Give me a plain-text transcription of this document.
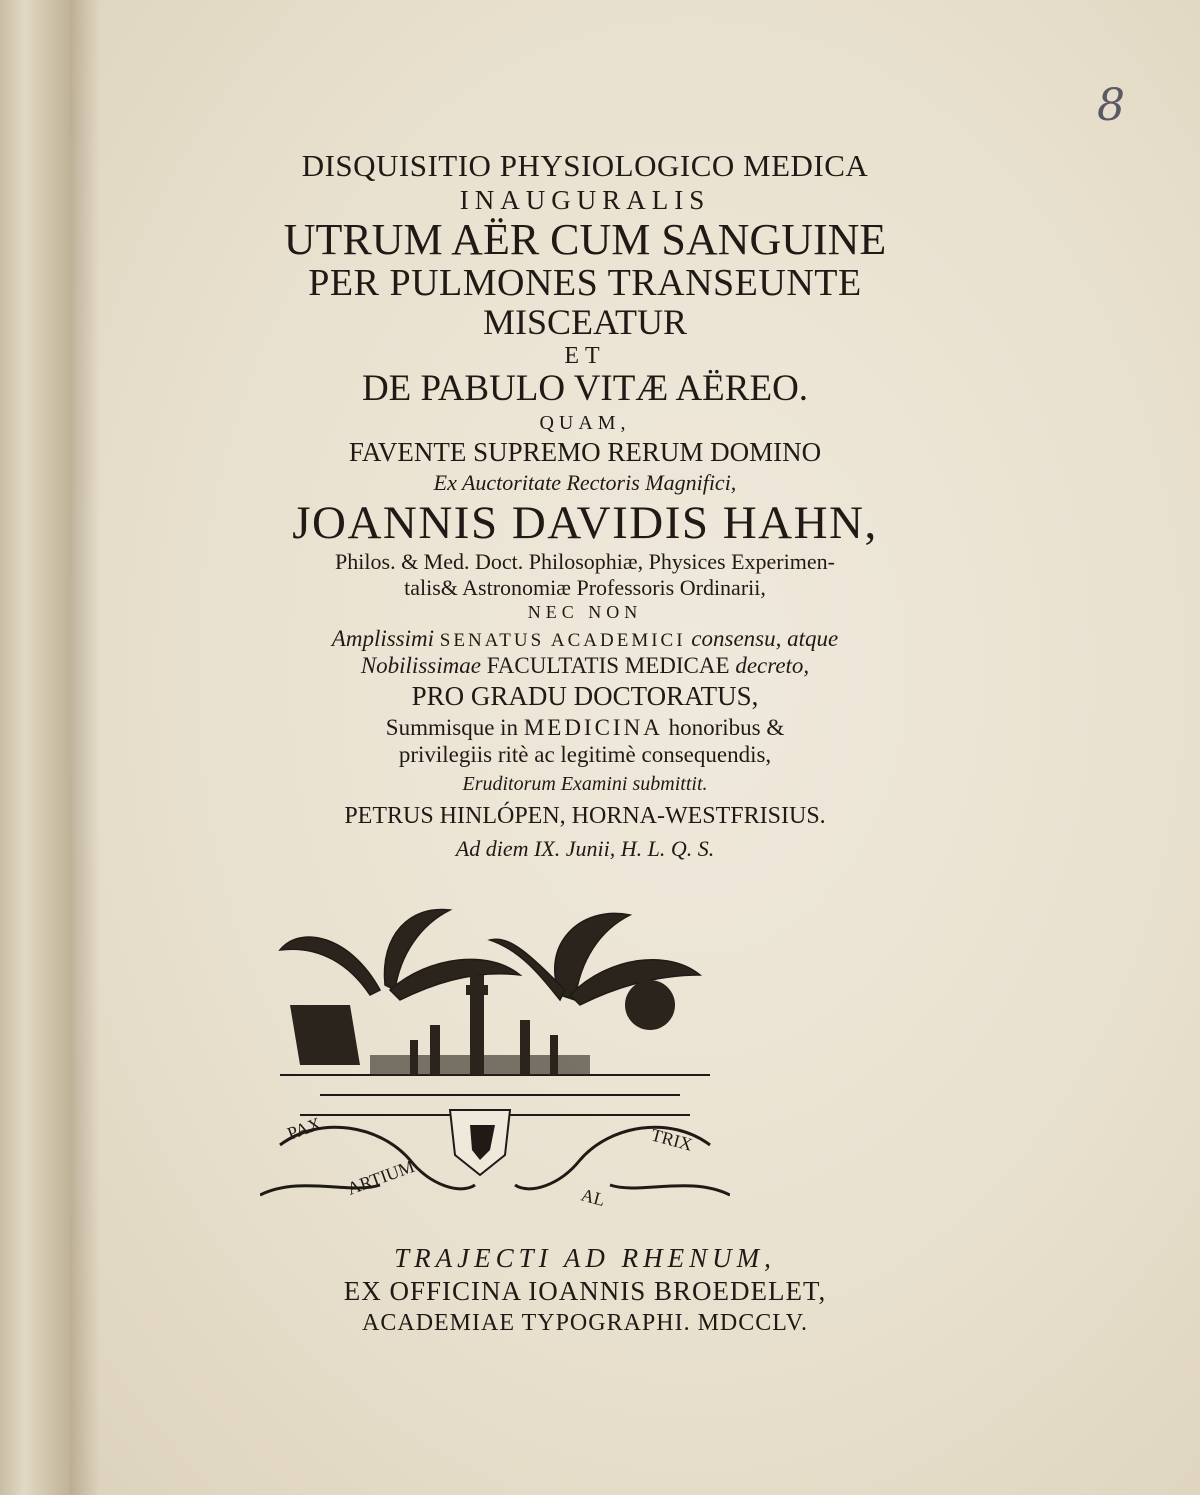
8
DISQUISITIO PHYSIOLOGICO MEDICA
INAUGURALIS
UTRUM AËR CUM SANGUINE
PER PULMONES TRANSEUNTE
MISCEATUR
ET
DE PABULO VITÆ AËREO.
QUAM,
FAVENTE SUPREMO RERUM DOMINO
Ex Auctoritate Rectoris Magnifici,
JOANNIS DAVIDIS HAHN,
Philos. & Med. Doct. Philosophiæ, Physices Experimen-
talis& Astronomiæ Professoris Ordinarii,
NEC NON
Amplissimi SENATUS ACADEMICI consensu, atque
Nobilissimae FACULTATIS MEDICAE decreto,
PRO GRADU DOCTORATUS,
Summisque in MEDICINA honoribus &
privilegiis ritè ac legitimè consequendis,
Eruditorum Examini submittit.
PETRUS HINLÓPEN, HORNA-WESTFRISIUS.
Ad diem IX. Junii, H. L. Q. S.
PAX
ARTIUM	AL
TRIX
TRAJECTI AD RHENUM,
EX OFFICINA IOANNIS BROEDELET,
ACADEMIAE TYPOGRAPHI. MDCCLV.
